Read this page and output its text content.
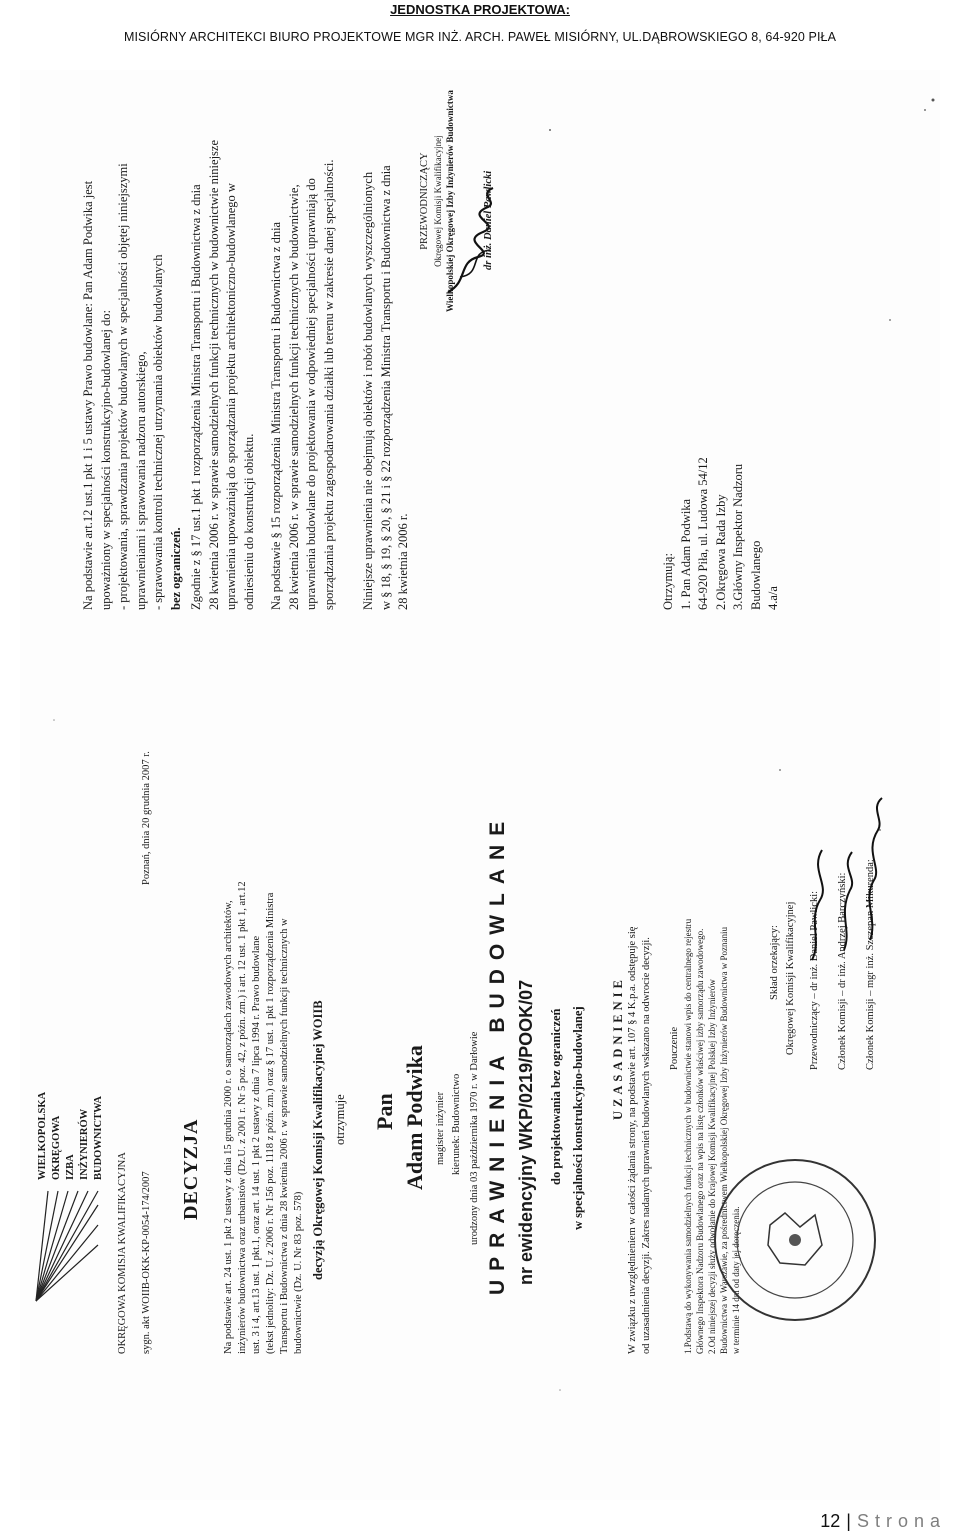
JEDNOSTKA PROJEKTOWA:
MISIÓRNY ARCHITEKCI BIURO PROJEKTOWE MGR INŻ. ARCH. PAWEŁ MISIÓRNY, UL.DĄBROWSKIEGO 8, 64-920 PIŁA

Na podstawie art.12 ust.1 pkt 1 i 5 ustawy Prawo budowlane: Pan Adam Podwika jest upoważniony w specjalności konstrukcyjno-budowlanej do: - projektowania, sprawdzania projektów budowlanych w specjalności objętej niniejszymi uprawnieniami i sprawowania nadzoru autorskiego, - sprawowania kontroli technicznej utrzymania obiektów budowlanych bez ograniczeń. Zgodnie z § 17 ust.1 pkt 1 rozporządzenia Ministra Transportu i Budownictwa z dnia 28 kwietnia 2006 r. w sprawie samodzielnych funkcji technicznych w budownictwie niniejsze uprawnienia upoważniają do sporządzania projektu architektoniczno-budowlanego w odniesieniu do konstrukcji obiektu. Na podstawie § 15 rozporządzenia Ministra Transportu i Budownictwa z dnia 28 kwietnia 2006 r. w sprawie samodzielnych funkcji technicznych w budownictwie, uprawnienia budowlane do projektowania w odpowiedniej specjalności uprawniają do sporządzania projektu zagospodarowania działki lub terenu w zakresie danej specjalności. Niniejsze uprawnienia nie obejmują obiektów i robót budowlanych wyszczególnionych w § 18, § 19, § 20, § 21 i § 22 rozporządzenia Ministra Transportu i Budownictwa z dnia 28 kwietnia 2006 r.

PRZEWODNICZĄCY Okręgowej Komisji Kwalifikacyjnej Wielkopolskiej Okręgowej Izby Inżynierów Budownictwa	dr inż. Daniel Pawlicki

Otrzymują: 1. Pan Adam Podwika 64-920 Piła, ul. Ludowa 54/12 2.Okręgowa Rada Izby 3.Główny Inspektor Nadzoru Budowlanego 4.a/a

WIELKOPOLSKA OKRĘGOWA IZBA INŻYNIERÓW BUDOWNICTWA

OKRĘGOWA KOMISJA KWALIFIKACYJNA sygn. akt WOIIB-OKK-KP-0054-174/2007

Poznań, dnia 20 grudnia 2007 r.

DECYZJA Na podstawie art. 24 ust. 1 pkt 2 ustawy z dnia 15 grudnia 2000 r. o samorządach zawodowych architektów, inżynierów budownictwa oraz urbanistów (Dz.U. z 2001 r. Nr 5 poz. 42, z późn. zm.) i art. 12 ust. 1 pkt 1, art.12 ust. 3 i 4, art.13 ust. 1 pkt.1, oraz art. 14 ust. 1 pkt 2 ustawy z dnia 7 lipca 1994 r. Prawo budowlane (tekst jednolity: Dz. U. z 2006 r. Nr 156 poz. 1118 z późn. zm.) oraz § 17 ust. 1 pkt 1 rozporządzenia Ministra Transportu i Budownictwa z dnia 28 kwietnia 2006 r. w sprawie samodzielnych funkcji technicznych w budownictwie (Dz. U. Nr 83 poz. 578) decyzją Okręgowej Komisji Kwalifikacyjnej WOIIB otrzymuje Pan Adam Podwika magister inżynier kierunek: Budownictwo urodzony dnia 03 października 1970 r. w Darłowie UPRAWNIENIA BUDOWLANE nr ewidencyjny WKP/0219/POOK/07 do projektowania bez ograniczeń w specjalności konstrukcyjno-budowlanej UZASADNIENIE W związku z uwzględnieniem w całości żądania strony, na podstawie art. 107 § 4 K.p.a. odstępuje się od uzasadnienia decyzji. Zakres nadanych uprawnień budowlanych wskazano na odwrocie decyzji. Pouczenie 1.Podstawą do wykonywania samodzielnych funkcji technicznych w budownictwie stanowi wpis do centralnego rejestru Głównego Inspektora Nadzoru Budowlanego oraz na wpis na listę członków właściwej izby samorządu zawodowego. 2.Od niniejszej decyzji służy odwołanie do Krajowej Komisji Kwalifikacyjnej Polskiej Izby Inżynierów Budownictwa w Warszawie, za pośrednictwem Wielkopolskiej Okręgowej Izby Inżynierów Budownictwa w Poznaniu w terminie 14 dni od daty jej doręczenia.

Skład orzekający: Okręgowej Komisji Kwalifikacyjnej Przewodniczący – dr inż. Daniel Pawlicki: Członek Komisji – dr inż. Andrzej Barczyński: Członek Komisji – mgr inż. Szczepan Mikurenda:

12 | Strona
